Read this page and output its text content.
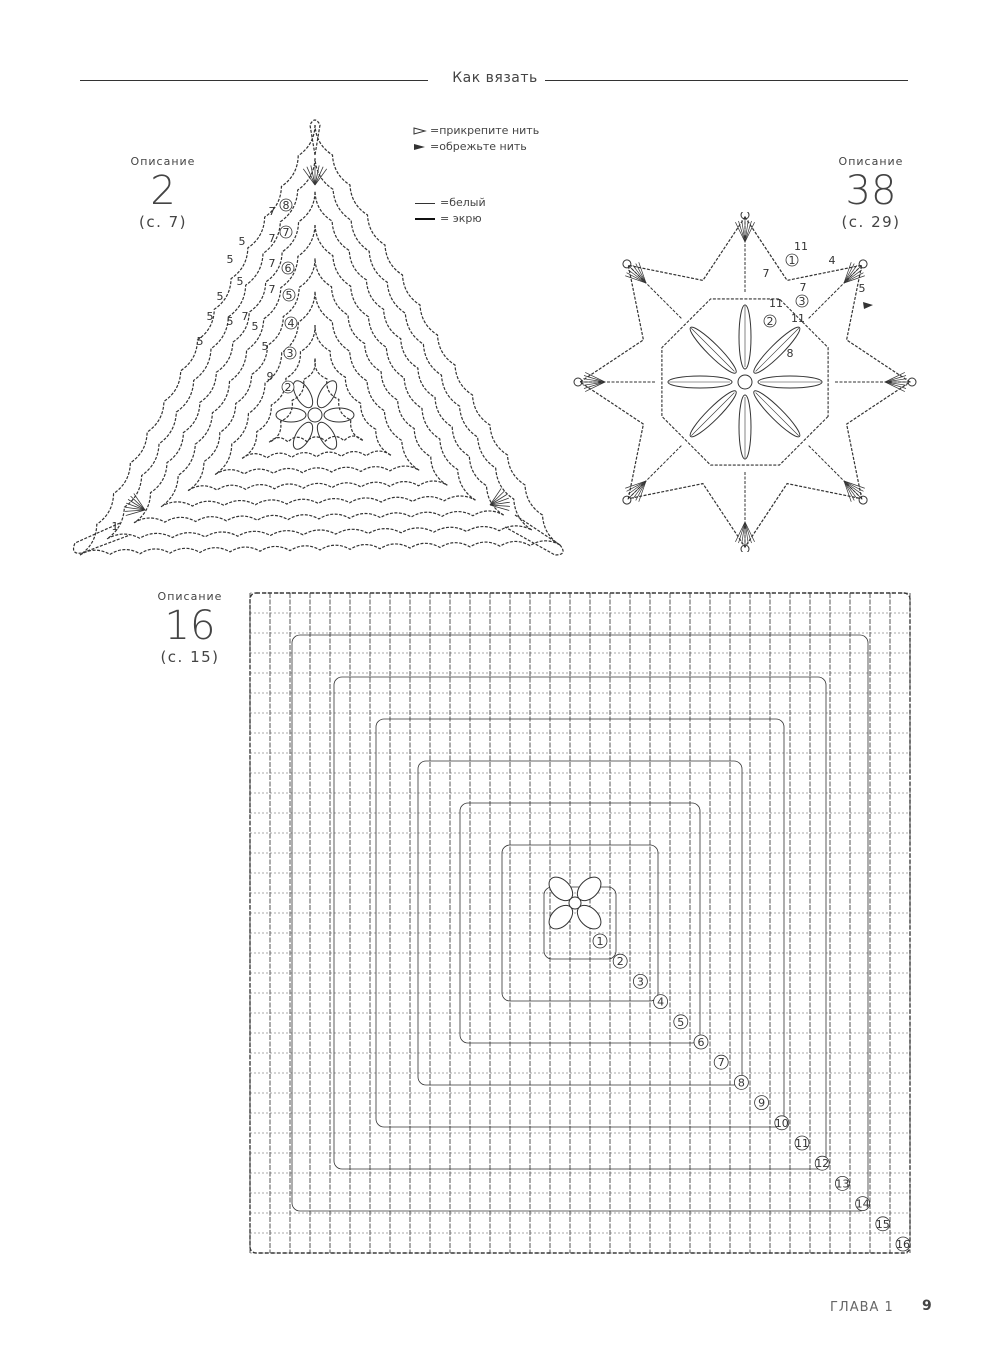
Как вязать
Описание
2
(с. 7)
Описание
38
(с. 29)
Описание
16
(с. 15)
=прикрепите нить
=обрежьте нить
=белый
= экрю
7
7
7
5
7
5
5
7
5
5
5
5 5
5
9
1
8
7
6
5
4
3
2
11
7
11
7
4
5
8
11
1
3
2
1
2
3
4
5
6
7
8
9
10
11
12
13
14
15
16
ГЛАВА 1 9
